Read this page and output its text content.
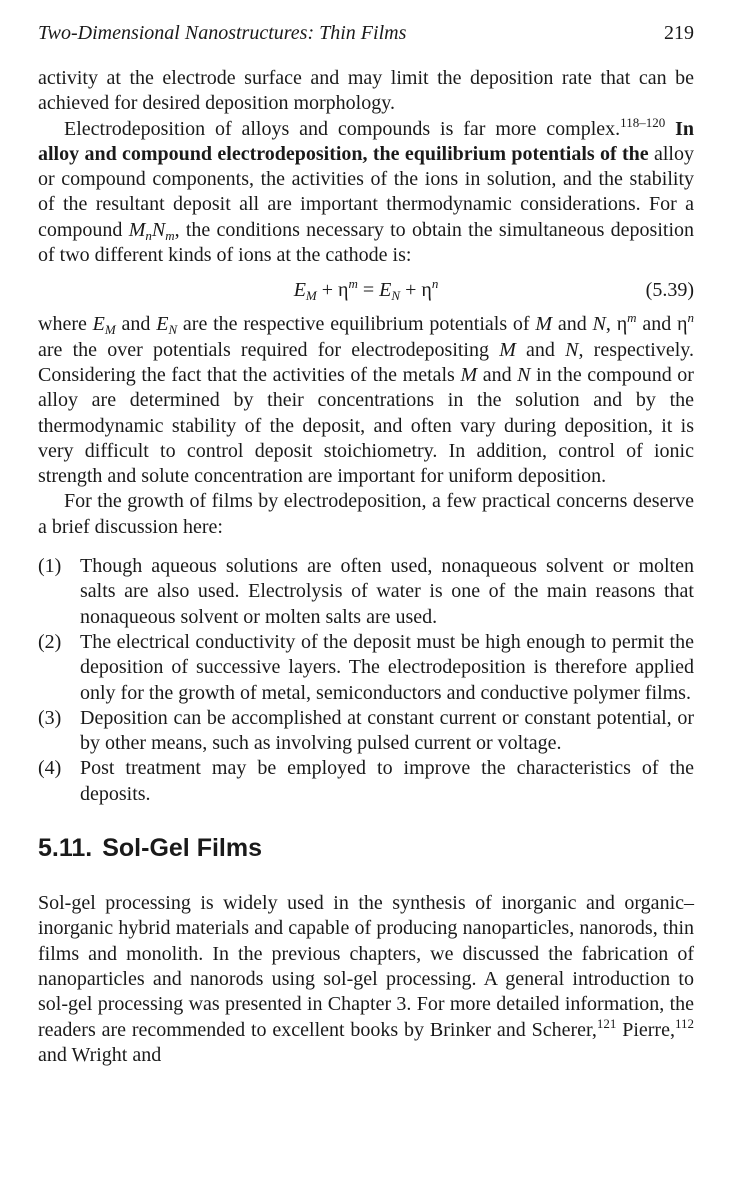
Two-Dimensional Nanostructures: Thin Films	219

activity at the electrode surface and may limit the deposition rate that can be achieved for desired deposition morphology.

Electrodeposition of alloys and compounds is far more complex.$^{118-120}$ In alloy and compound electrodeposition, the equilibrium potentials of the alloy or compound components, the activities of the ions in solution, and the stability of the resultant deposit all are important thermodynamic considerations. For a compound $M_nN_m$, the conditions necessary to obtain the simultaneous deposition of two different kinds of ions at the cathode is:

$E_M + \eta^m = E_N + \eta^n$	(5.39)

where $E_M$ and $E_N$ are the respective equilibrium potentials of M and N, $\eta^m$ and $\eta^n$ are the over potentials required for electrodepositing M and N, respectively. Considering the fact that the activities of the metals M and N in the compound or alloy are determined by their concentrations in the solution and by the thermodynamic stability of the deposit, and often vary during deposition, it is very difficult to control deposit stoichiometry. In addition, control of ionic strength and solute concentration are important for uniform deposition.

For the growth of films by electrodeposition, a few practical concerns deserve a brief discussion here:

(1) Though aqueous solutions are often used, nonaqueous solvent or molten salts are also used. Electrolysis of water is one of the main reasons that nonaqueous solvent or molten salts are used.
(2) The electrical conductivity of the deposit must be high enough to permit the deposition of successive layers. The electrodeposition is therefore applied only for the growth of metal, semiconductors and conductive polymer films.
(3) Deposition can be accomplished at constant current or constant potential, or by other means, such as involving pulsed current or voltage.
(4) Post treatment may be employed to improve the characteristics of the deposits.
5.11. Sol-Gel Films

Sol-gel processing is widely used in the synthesis of inorganic and organic–inorganic hybrid materials and capable of producing nanoparticles, nanorods, thin films and monolith. In the previous chapters, we discussed the fabrication of nanoparticles and nanorods using sol-gel processing. A general introduction to sol-gel processing was presented in Chapter 3. For more detailed information, the readers are recommended to excellent books by Brinker and Scherer,$^{121}$ Pierre,$^{112}$ and Wright and
